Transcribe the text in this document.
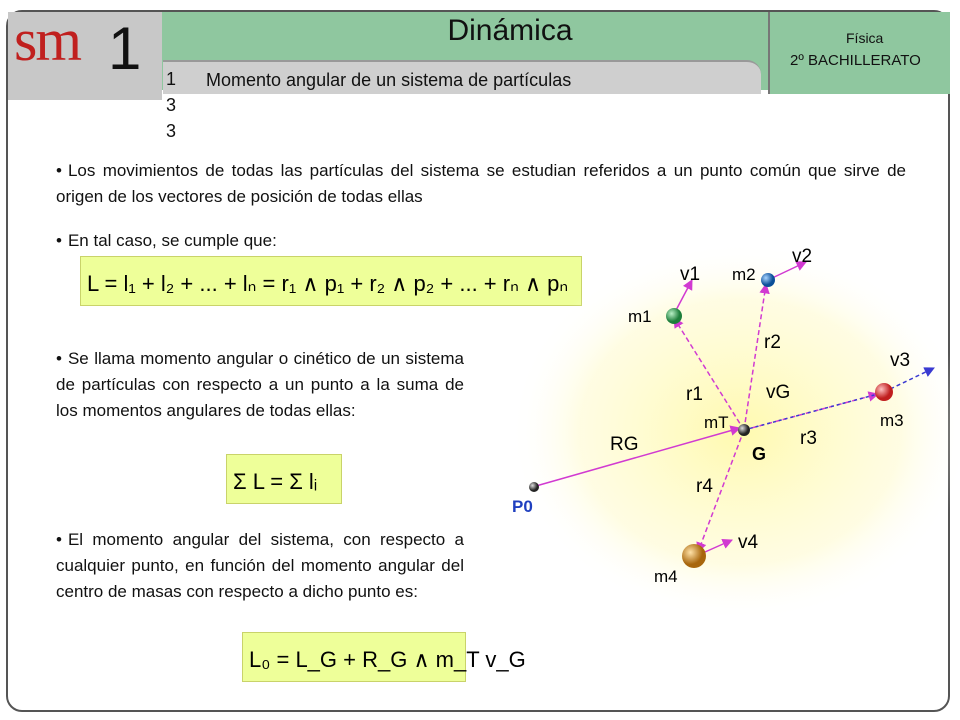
sm 1	Dinámica	Física
2º BACHILLERATO
133
Momento angular de un sistema de partículas
• Los movimientos de todas las partículas del sistema se estudian referidos a un punto común que sirve de origen de los vectores de posición de todas ellas
• En tal caso, se cumple que:
• Se llama momento angular o cinético de un sistema de partículas con respecto a un punto a la suma de los momentos angulares de todas ellas:
• El momento angular del sistema, con respecto a cualquier punto, en función del momento angular del centro de masas con respecto a dicho punto es:
L = l₁ + l₂ + ... + lₙ = r₁ ∧ p₁ + r₂ ∧ p₂ + ... + rₙ ∧ pₙ
Σ L = Σ lᵢ
L₀ = L_G + R_G ∧ m_T v_G
m1
m2
m3
m4
mT
G
P0
v1
v2
v3
v4
r1
r2
r3
r4
vG
RG
